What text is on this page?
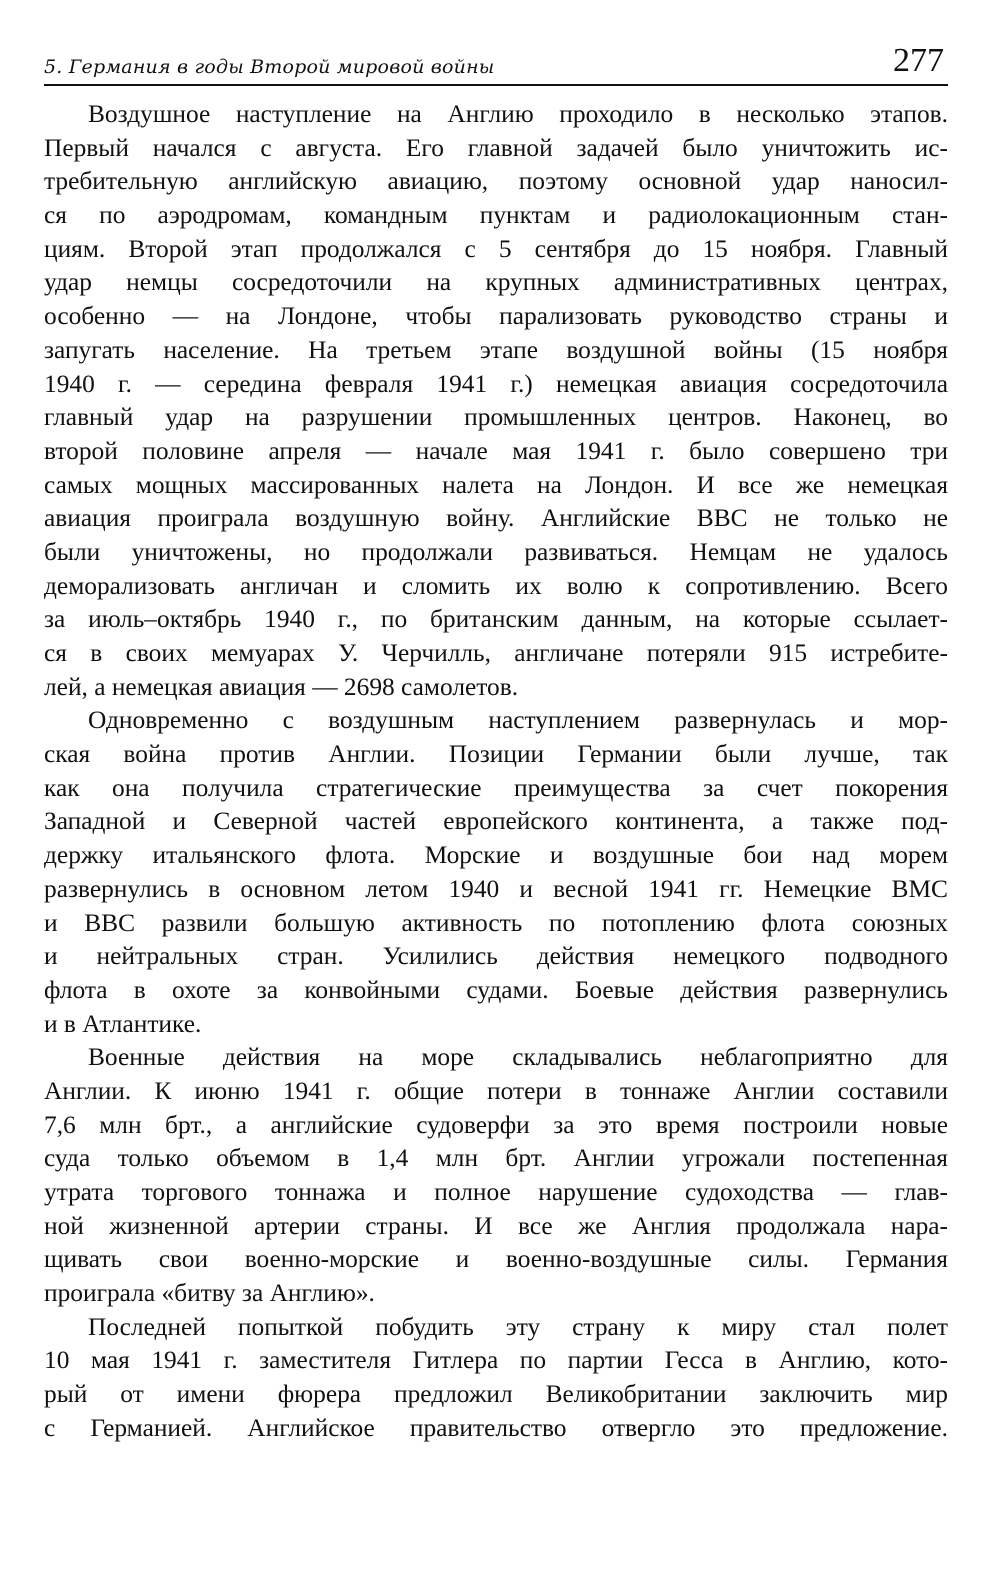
5. Германия в годы Второй мировой войны	277
Воздушное наступление на Англию проходило в несколько этапов.
Первый начался с августа. Его главной задачей было уничтожить ис-
требительную английскую авиацию, поэтому основной удар наносил-
ся по аэродромам, командным пунктам и радиолокационным стан-
циям. Второй этап продолжался с 5 сентября до 15 ноября. Главный
удар немцы сосредоточили на крупных административных центрах,
особенно — на Лондоне, чтобы парализовать руководство страны и
запугать население. На третьем этапе воздушной войны (15 ноября
1940 г. — середина февраля 1941 г.) немецкая авиация сосредоточила
главный удар на разрушении промышленных центров. Наконец, во
второй половине апреля — начале мая 1941 г. было совершено три
самых мощных массированных налета на Лондон. И все же немецкая
авиация проиграла воздушную войну. Английские ВВС не только не
были уничтожены, но продолжали развиваться. Немцам не удалось
деморализовать англичан и сломить их волю к сопротивлению. Всего
за июль–октябрь 1940 г., по британским данным, на которые ссылает-
ся в своих мемуарах У. Черчилль, англичане потеряли 915 истребите-
лей, а немецкая авиация — 2698 самолетов.
Одновременно с воздушным наступлением развернулась и мор-
ская война против Англии. Позиции Германии были лучше, так
как она получила стратегические преимущества за счет покорения
Западной и Северной частей европейского континента, а также под-
держку итальянского флота. Морские и воздушные бои над морем
развернулись в основном летом 1940 и весной 1941 гг. Немецкие ВМС
и ВВС развили большую активность по потоплению флота союзных
и нейтральных стран. Усилились действия немецкого подводного
флота в охоте за конвойными судами. Боевые действия развернулись
и в Атлантике.
Военные действия на море складывались неблагоприятно для
Англии. К июню 1941 г. общие потери в тоннаже Англии составили
7,6 млн брт., а английские судоверфи за это время построили новые
суда только объемом в 1,4 млн брт. Англии угрожали постепенная
утрата торгового тоннажа и полное нарушение судоходства — глав-
ной жизненной артерии страны. И все же Англия продолжала нара-
щивать свои военно-морские и военно-воздушные силы. Германия
проиграла «битву за Англию».
Последней попыткой побудить эту страну к миру стал полет
10 мая 1941 г. заместителя Гитлера по партии Гесса в Англию, кото-
рый от имени фюрера предложил Великобритании заключить мир
с Германией. Английское правительство отвергло это предложение.
